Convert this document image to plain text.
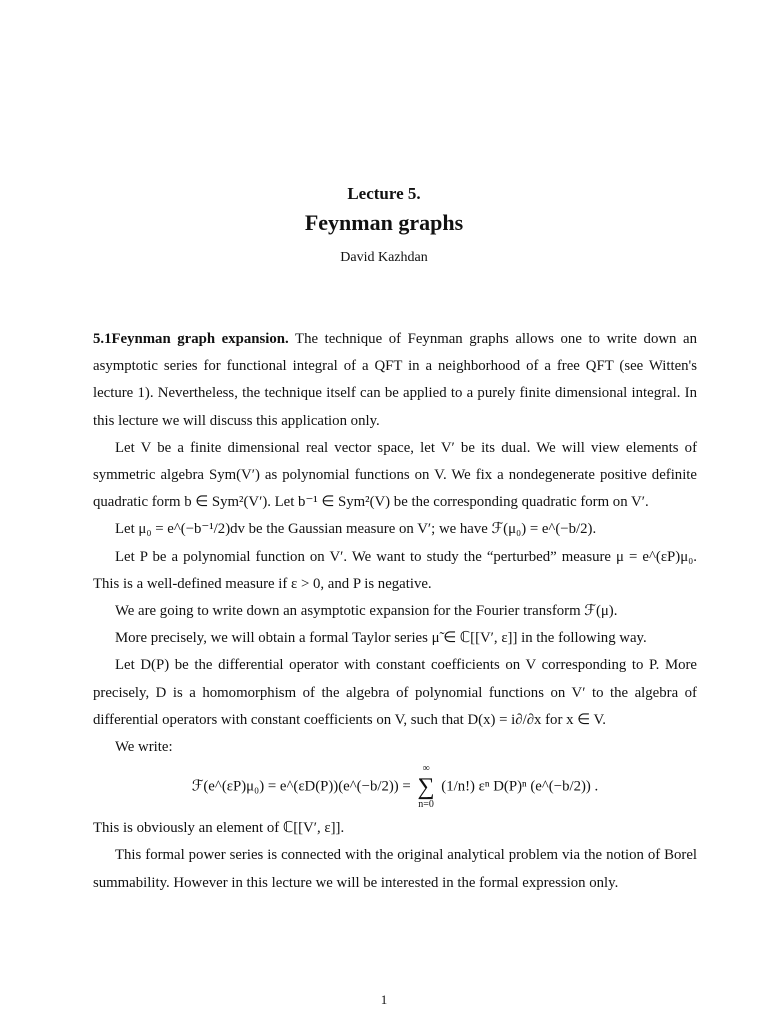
Lecture 5.
Feynman graphs
David Kazhdan

5.1Feynman graph expansion. The technique of Feynman graphs allows one to write down an asymptotic series for functional integral of a QFT in a neighborhood of a free QFT (see Witten's lecture 1). Nevertheless, the technique itself can be applied to a purely finite dimensional integral. In this lecture we will discuss this application only.

Let V be a finite dimensional real vector space, let V′ be its dual. We will view elements of symmetric algebra Sym(V′) as polynomial functions on V. We fix a nondegenerate positive definite quadratic form b ∈ Sym²(V′). Let b⁻¹ ∈ Sym²(V) be the corresponding quadratic form on V′.

Let μ₀ = e^(−b⁻¹/2)dv be the Gaussian measure on V′; we have ℱ(μ₀) = e^(−b/2).

Let P be a polynomial function on V′. We want to study the “perturbed” measure μ = e^(εP)μ₀. This is a well-defined measure if ε > 0, and P is negative.

We are going to write down an asymptotic expansion for the Fourier transform ℱ(μ).

More precisely, we will obtain a formal Taylor series μ̃ ∈ ℂ[[V′, ε]] in the following way.

Let D(P) be the differential operator with constant coefficients on V corresponding to P. More precisely, D is a homomorphism of the algebra of polynomial functions on V′ to the algebra of differential operators with constant coefficients on V, such that D(x) = i∂/∂x for x ∈ V.

We write:

ℱ(e^(εP)μ₀) = e^(εD(P))(e^(−b/2)) =
∞
∑
n=0
(1/n!) εⁿ D(P)ⁿ (e^(−b/2)) .

This is obviously an element of ℂ[[V′, ε]].

This formal power series is connected with the original analytical problem via the notion of Borel summability. However in this lecture we will be interested in the formal expression only.

1
